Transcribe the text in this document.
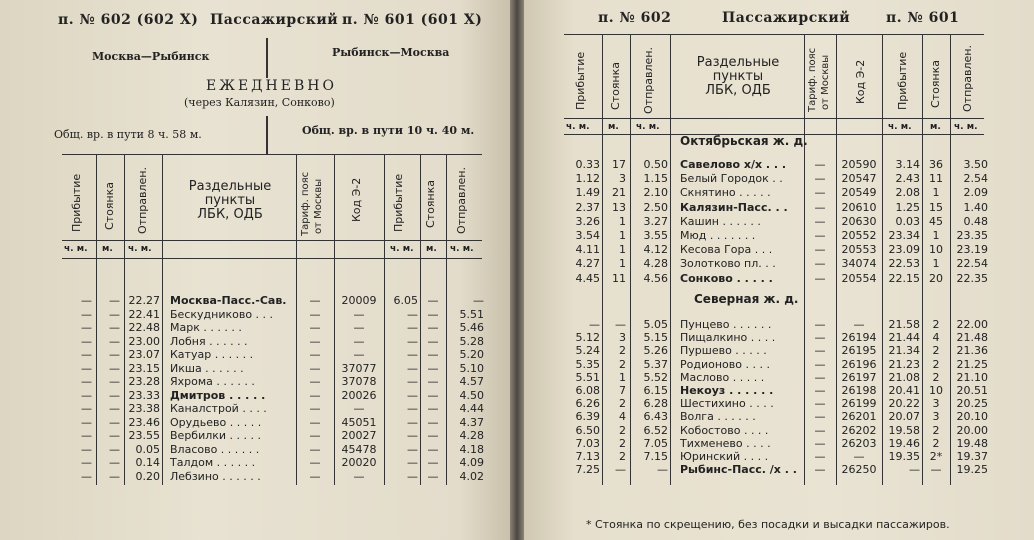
п. № 602 (602 Х) Пассажирский п. № 601 (601 Х)
Москва—Рыбинск	Рыбинск—Москва
ЕЖЕДНЕВНО
(через Калязин, Сонково)
Общ. вр. в пути 8 ч. 58 м.	Общ. вр. в пути 10 ч. 40 м.
Прибытие Стоянка Отправлен.	Раздельные
пункты
ЛБК, ОДБ	Тариф. пояс от Москвы Код Э-2	Прибытие Стоянка Отправлен.
ч. м. м. ч. м.	ч. м. м. ч. м.
—	— 22.27 Москва-Пасс.-Сав.	—	20009	6.05 —	—
—	— 22.41 Бескудниково . . .	—	—	— —	5.51
—	— 22.48 Марк . . . . . .	—	—	— —	5.46
—	— 23.00 Лобня . . . . . .	—	—	— —	5.28
—	— 23.07 Катуар . . . . . .	—	—	— —	5.20
—	— 23.15 Икша . . . . . .	—	37077	— —	5.10
—	— 23.28 Яхрома . . . . . .	—	37078	— —	4.57
—	— 23.33 Дмитров . . . . .	—	20026	— —	4.50
—	— 23.38 Каналстрой . . . .	—	—	— —	4.44
—	— 23.46 Орудьево . . . . .	—	45051	— —	4.37
—	— 23.55 Вербилки . . . . .	—	20027	— —	4.28
—	—	0.05 Власово . . . . . .	—	45478	— —	4.18
—	—	0.14 Талдом . . . . . .	—	20020	— —	4.09
—	—	0.20 Лебзино . . . . . .	—	—	— —	4.02
п. № 602	Пассажирский	п. № 601
Прибытие Стоянка Отправлен.	Раздельные
пункты
ЛБК, ОДБ	Тариф. пояс от Москвы Код Э-2	Прибытие Стоянка Отправлен.
ч. м. м. ч. м.	ч. м. м. ч. м.
Октябрьская ж. д.
Северная ж. д.
0.33	17	0.50 Савелово х/х . . .	—	20590	3.14 36	3.50
1.12	3	1.15 Белый Городок . .	—	20547	2.43 11	2.54
1.49	21	2.10 Скнятино . . . . .	—	20549	2.08	1	2.09
2.37	13	2.50 Калязин-Пасс. . .	—	20610	1.25 15	1.40
3.26	1	3.27 Кашин . . . . . .	—	20630	0.03 45	0.48
3.54	1	3.55 Мюд . . . . . . .	—	20552	23.34	1	23.35
4.11	1	4.12 Кесова Гора . . .	—	20553	23.09 10	23.19
4.27	1	4.28 Золотково пл. . .	—	34074	22.53	1	22.54
4.45	11	4.56 Сонково . . . . .	—	20554	22.15 20	22.35
—	—	5.05 Пунцево . . . . . .	—	—	21.58	2	22.00
5.12	3	5.15 Пищалкино . . . .	—	26194	21.44	4	21.48
5.24	2	5.26 Пуршево . . . . .	—	26195	21.34	2	21.36
5.35	2	5.37 Родионово . . . .	—	26196	21.23	2	21.25
5.51	1	5.52 Маслово . . . . .	—	26197	21.08	2	21.10
6.08	7	6.15 Некоуз . . . . . .	—	26198	20.41 10	20.51
6.26	2	6.28 Шестихино . . . .	—	26199	20.22	3	20.25
6.39	4	6.43 Волга . . . . . .	—	26201	20.07	3	20.10
6.50	2	6.52 Кобостово . . . .	—	26202	19.58	2	20.00
7.03	2	7.05 Тихменево . . . .	—	26203	19.46	2	19.48
7.13	2	7.15 Юринский . . . .	—	—	19.35 2*	19.37
7.25	—	— Рыбинс-Пасс. /х . .	—	26250	— —	19.25
* Стоянка по скрещению, без посадки и высадки пассажиров.
